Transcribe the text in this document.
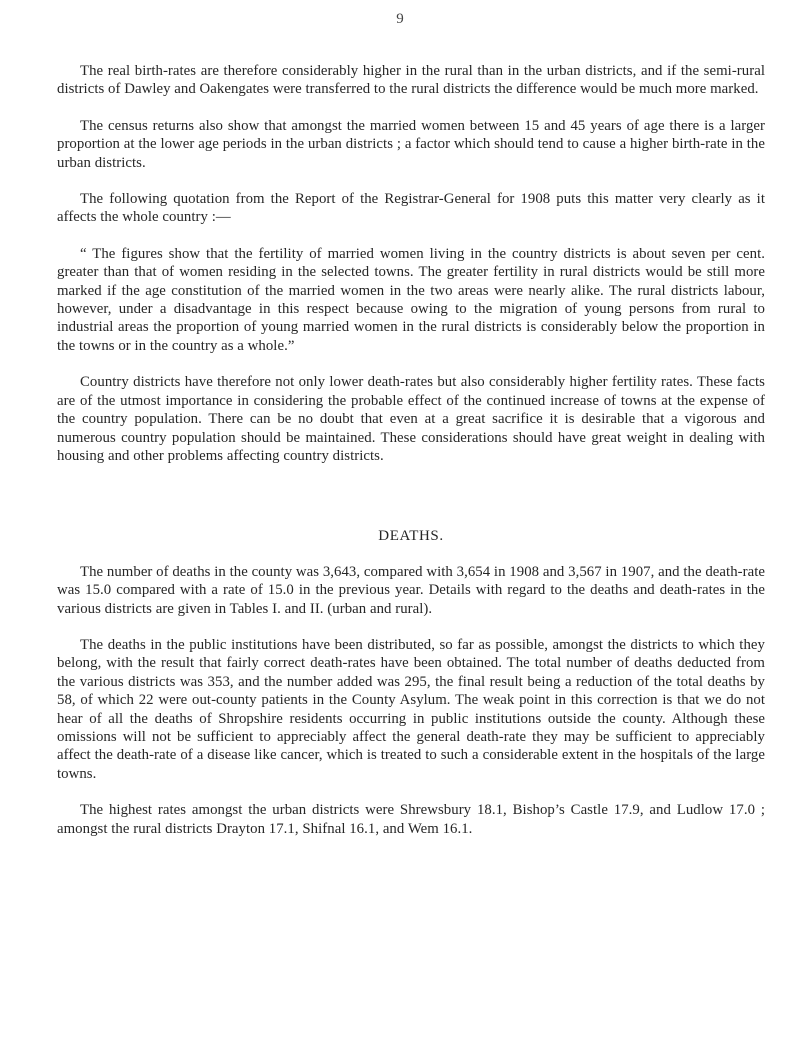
9

The real birth-rates are therefore considerably higher in the rural than in the urban districts, and if the semi-rural districts of Dawley and Oakengates were transferred to the rural districts the difference would be much more marked.

The census returns also show that amongst the married women between 15 and 45 years of age there is a larger proportion at the lower age periods in the urban districts ; a factor which should tend to cause a higher birth-rate in the urban districts.

The following quotation from the Report of the Registrar-General for 1908 puts this matter very clearly as it affects the whole country :—

“ The figures show that the fertility of married women living in the country districts is about seven per cent. greater than that of women residing in the selected towns. The greater fertility in rural districts would be still more marked if the age constitution of the married women in the two areas were nearly alike. The rural districts labour, however, under a disadvantage in this respect because owing to the migration of young persons from rural to industrial areas the proportion of young married women in the rural districts is considerably below the proportion in the towns or in the country as a whole.”

Country districts have therefore not only lower death-rates but also considerably higher fertility rates. These facts are of the utmost importance in considering the probable effect of the continued increase of towns at the expense of the country population. There can be no doubt that even at a great sacrifice it is desirable that a vigorous and numerous country population should be maintained. These considerations should have great weight in dealing with housing and other problems affecting country districts.

DEATHS.

The number of deaths in the county was 3,643, compared with 3,654 in 1908 and 3,567 in 1907, and the death-rate was 15.0 compared with a rate of 15.0 in the previous year. Details with regard to the deaths and death-rates in the various districts are given in Tables I. and II. (urban and rural).

The deaths in the public institutions have been distributed, so far as possible, amongst the districts to which they belong, with the result that fairly correct death-rates have been obtained. The total number of deaths deducted from the various districts was 353, and the number added was 295, the final result being a reduction of the total deaths by 58, of which 22 were out-county patients in the County Asylum. The weak point in this correction is that we do not hear of all the deaths of Shropshire residents occurring in public institutions outside the county. Although these omissions will not be sufficient to appreciably affect the general death-rate they may be sufficient to appreciably affect the death-rate of a disease like cancer, which is treated to such a considerable extent in the hospitals of the large towns.

The highest rates amongst the urban districts were Shrewsbury 18.1, Bishop’s Castle 17.9, and Ludlow 17.0 ; amongst the rural districts Drayton 17.1, Shifnal 16.1, and Wem 16.1.
